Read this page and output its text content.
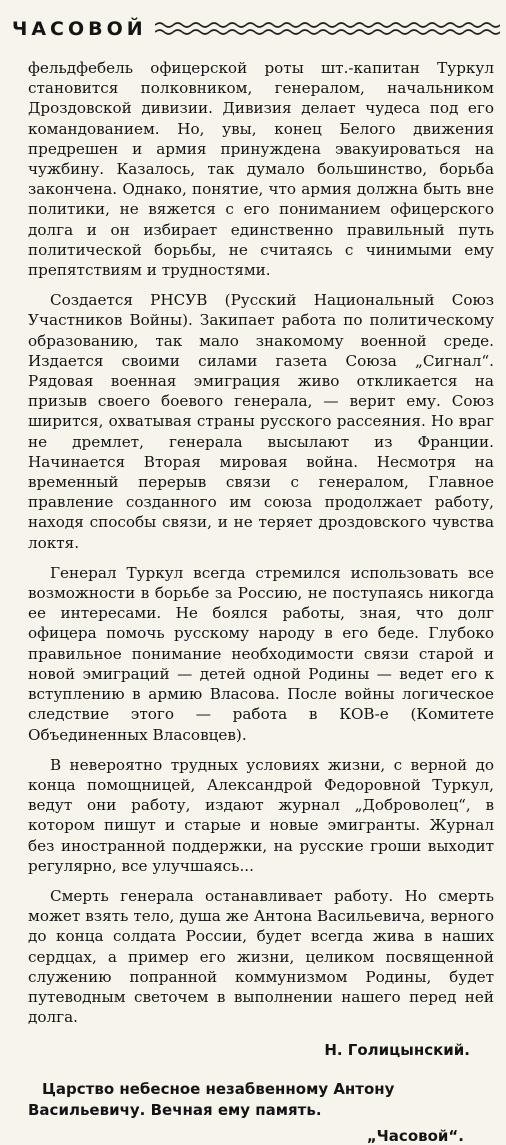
ЧАСОВОЙ

фельдфебель офицерской роты шт.-капитан Туркул становится полковником, генералом, начальником Дроздовской дивизии. Дивизия делает чудеса под его командованием. Но, увы, конец Белого движения предрешен и армия принуждена эвакуироваться на чужбину. Казалось, так думало большинство, борьба закончена. Однако, понятие, что армия должна быть вне политики, не вяжется с его пониманием офицерского долга и он избирает единственно правильный путь политической борьбы, не считаясь с чинимыми ему препятствиям и трудностями.

Создается РНСУВ (Русский Национальный Союз Участников Войны). Закипает работа по политическому образованию, так мало знакомому военной среде. Издается своими силами газета Союза „Сигнал“. Рядовая военная эмиграция живо откликается на призыв своего боевого генерала, — верит ему. Союз ширится, охватывая страны русского рассеяния. Но враг не дремлет, генерала высылают из Франции. Начинается Вторая мировая война. Несмотря на временный перерыв связи с генералом, Главное правление созданного им союза продолжает работу, находя способы связи, и не теряет дроздовского чувства локтя.

Генерал Туркул всегда стремился использовать все возможности в борьбе за Россию, не поступаясь никогда ее интересами. Не боялся работы, зная, что долг офицера помочь русскому народу в его беде. Глубоко правильное понимание необходимости связи старой и новой эмиграций — детей одной Родины — ведет его к вступлению в армию Власова. После войны логическое следствие этого — работа в КОВ-е (Комитете Объединенных Власовцев).

В невероятно трудных условиях жизни, с верной до конца помощницей, Александрой Федоровной Туркул, ведут они работу, издают журнал „Доброволец“, в котором пишут и старые и новые эмигранты. Журнал без иностранной поддержки, на русские гроши выходит регулярно, все улучшаясь...

Смерть генерала останавливает работу. Но смерть может взять тело, душа же Антона Васильевича, верного до конца солдата России, будет всегда жива в наших сердцах, а пример его жизни, целиком посвященной служению попранной коммунизмом Родины, будет путеводным светочем в выполнении нашего перед ней долга.

Н. Голицынский.
Царство небесное незабвенному Антону Васильевичу. Вечная ему память.
„Часовой“.
